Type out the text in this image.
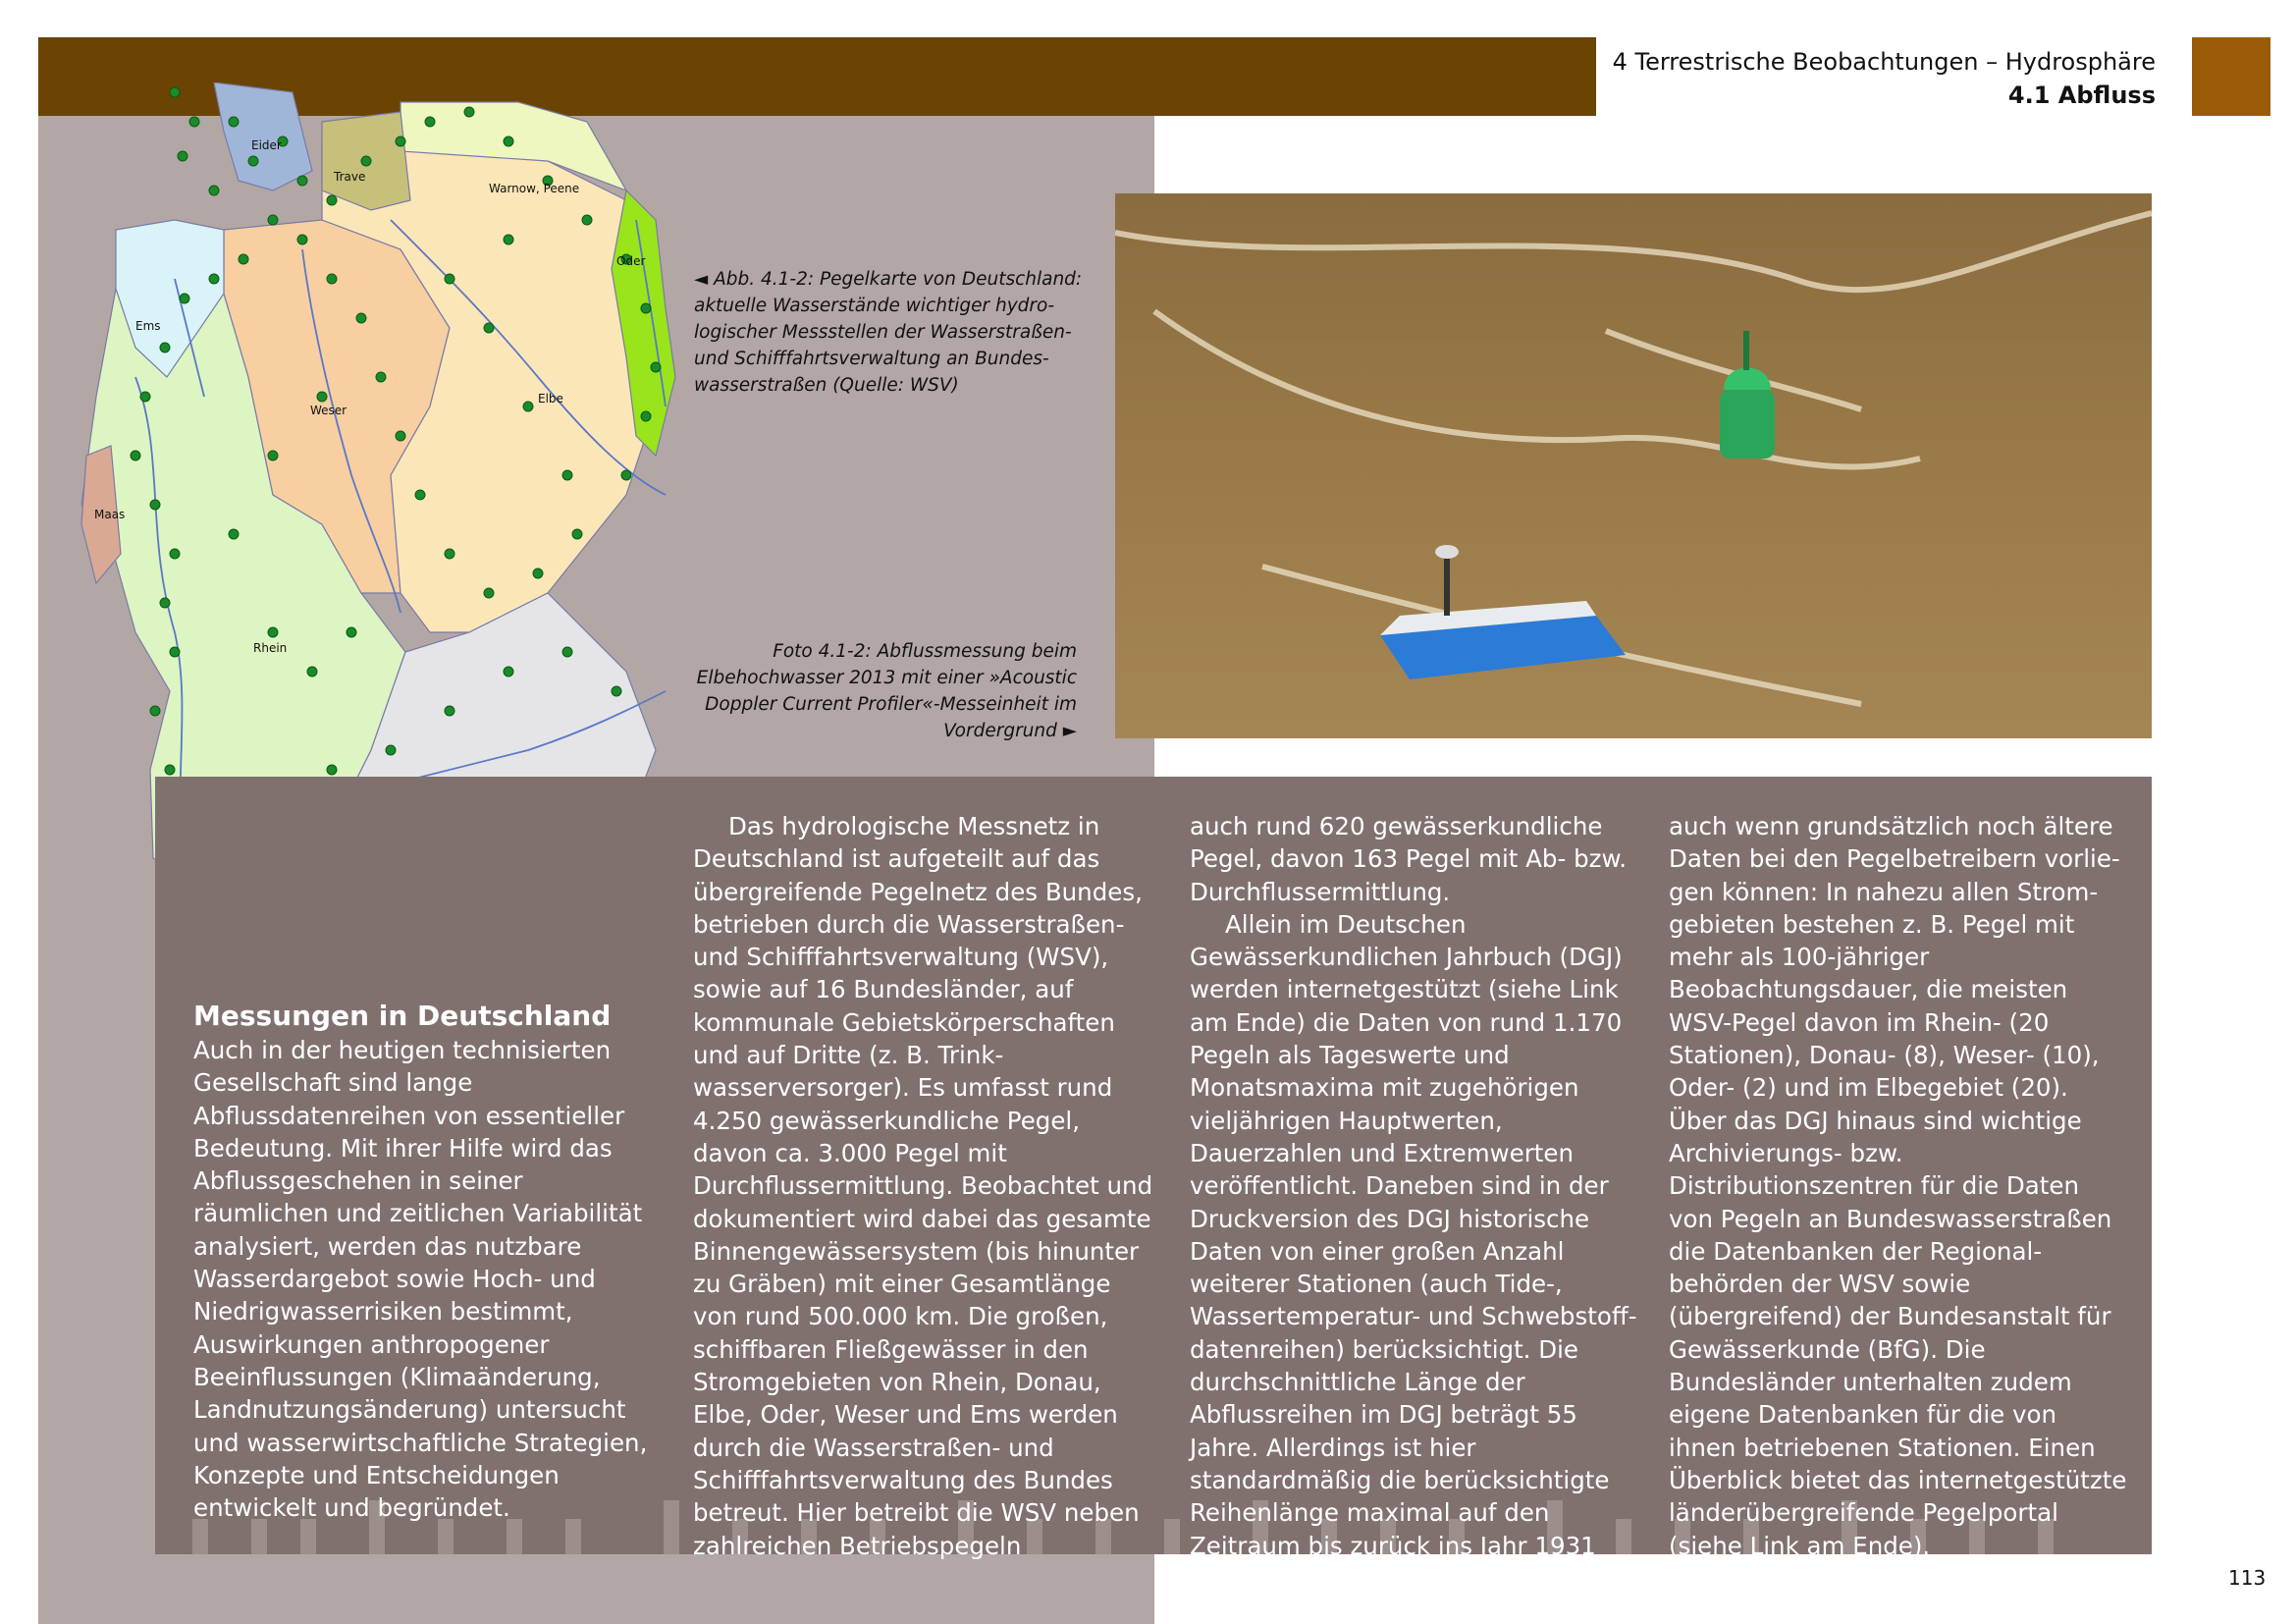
4 Terrestrische Beobachtungen – Hydrosphäre
4.1 Abfluss
Eider
Trave
Warnow, Peene
Oder
Ems
Weser
Elbe
Maas
Rhein
◄ Abb. 4.1-2: Pegelkarte von Deutschland: aktuelle Wasserstände wichtiger hydrologischer Messstellen der Wasserstraßen- und Schifffahrtsverwaltung an Bundeswasserstraßen (Quelle: WSV)
Foto 4.1-2: Abflussmessung beim Elbehochwasser 2013 mit einer »Acoustic Doppler Current Profiler«-Messeinheit im Vordergrund ►
Messungen in Deutschland

Auch in der heutigen technisierten Gesellschaft sind lange Abflussdatenreihen von essentieller Bedeutung. Mit ihrer Hilfe wird das Abflussgeschehen in seiner räumlichen und zeitlichen Variabilität analysiert, werden das nutzbare Wasserdargebot sowie Hoch- und Niedrigwasserrisiken bestimmt, Auswirkungen anthropogener Beeinflussungen (Klimaänderung, Landnutzungsänderung) untersucht und wasserwirtschaftliche Strategien, Konzepte und Entscheidungen entwickelt und begründet.

Das hydrologische Messnetz in Deutschland ist aufgeteilt auf das übergreifende Pegelnetz des Bundes, betrieben durch die Wasserstraßen- und Schifffahrtsverwaltung (WSV), sowie auf 16 Bundesländer, auf kommunale Gebietskörperschaften und auf Dritte (z. B. Trinkwasserversorger). Es umfasst rund 4.250 gewässerkundliche Pegel, davon ca. 3.000 Pegel mit Durchflussermittlung. Beobachtet und dokumentiert wird dabei das gesamte Binnengewässersystem (bis hinunter zu Gräben) mit einer Gesamtlänge von rund 500.000 km. Die großen, schiffbaren Fließgewässer in den Stromgebieten von Rhein, Donau, Elbe, Oder, Weser und Ems werden durch die Wasserstraßen- und Schifffahrtsverwaltung des Bundes betreut. Hier betreibt die WSV neben zahlreichen Betriebspegeln

auch rund 620 gewässerkundliche Pegel, davon 163 Pegel mit Ab- bzw. Durchflussermittlung.

Allein im Deutschen Gewässerkundlichen Jahrbuch (DGJ) werden internetgestützt (siehe Link am Ende) die Daten von rund 1.170 Pegeln als Tageswerte und Monatsmaxima mit zugehörigen vieljährigen Hauptwerten, Dauerzahlen und Extremwerten veröffentlicht. Daneben sind in der Druckversion des DGJ historische Daten von einer großen Anzahl weiterer Stationen (auch Tide-, Wassertemperatur- und Schwebstoffdatenreihen) berücksichtigt. Die durchschnittliche Länge der Abflussreihen im DGJ beträgt 55 Jahre. Allerdings ist hier standardmäßig die berücksichtigte Reihenlänge maximal auf den Zeitraum bis zurück ins Jahr 1931 beschränkt,

auch wenn grundsätzlich noch ältere Daten bei den Pegelbetreibern vorliegen können: In nahezu allen Stromgebieten bestehen z. B. Pegel mit mehr als 100-jähriger Beobachtungsdauer, die meisten WSV-Pegel davon im Rhein- (20 Stationen), Donau- (8), Weser- (10), Oder- (2) und im Elbegebiet (20). Über das DGJ hinaus sind wichtige Archivierungs- bzw. Distributionszentren für die Daten von Pegeln an Bundeswasserstraßen die Datenbanken der Regionalbehörden der WSV sowie (übergreifend) der Bundesanstalt für Gewässerkunde (BfG). Die Bundesländer unterhalten zudem eigene Datenbanken für die von ihnen betriebenen Stationen. Einen Überblick bietet das internetgestützte länderübergreifende Pegelportal (siehe Link am Ende).

113
